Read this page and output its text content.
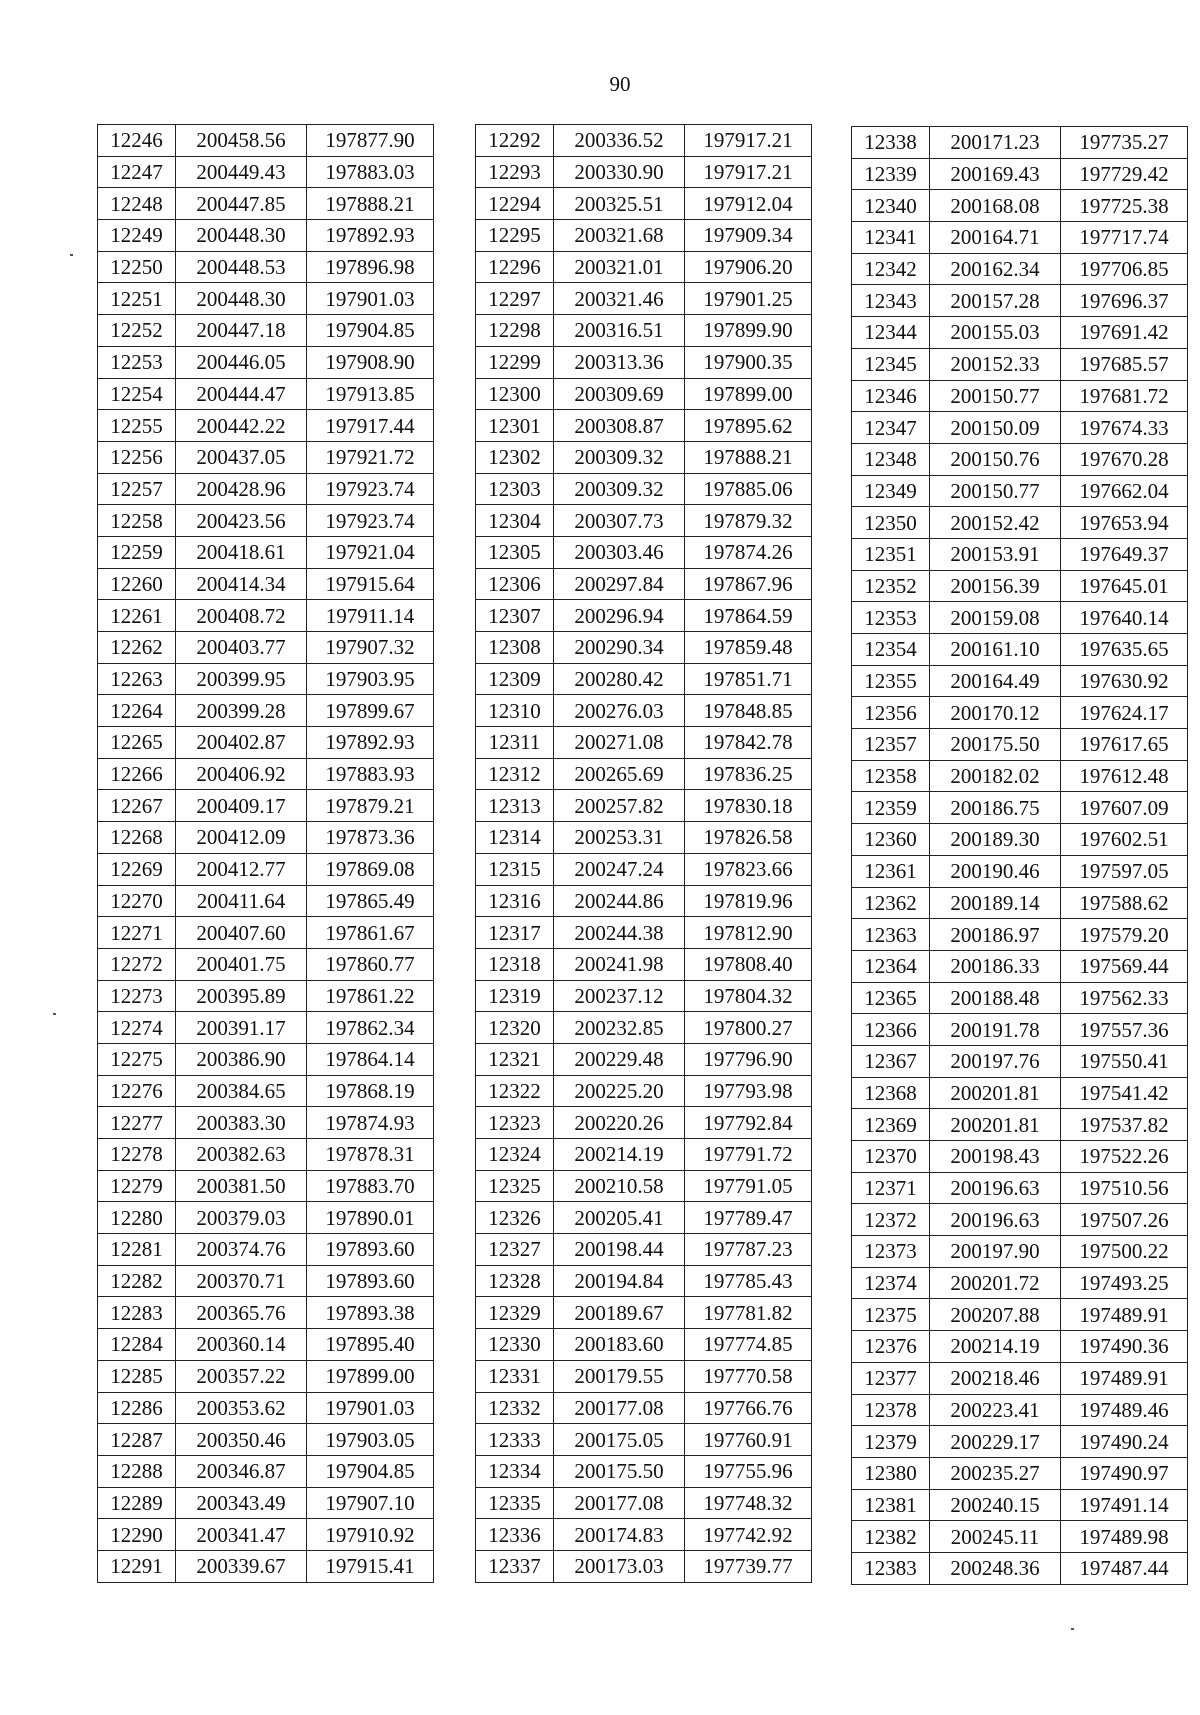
90
12246	200458.56	197877.90
12247	200449.43	197883.03
12248	200447.85	197888.21
12249	200448.30	197892.93
12250	200448.53	197896.98
12251	200448.30	197901.03
12252	200447.18	197904.85
12253	200446.05	197908.90
12254	200444.47	197913.85
12255	200442.22	197917.44
12256	200437.05	197921.72
12257	200428.96	197923.74
12258	200423.56	197923.74
12259	200418.61	197921.04
12260	200414.34	197915.64
12261	200408.72	197911.14
12262	200403.77	197907.32
12263	200399.95	197903.95
12264	200399.28	197899.67
12265	200402.87	197892.93
12266	200406.92	197883.93
12267	200409.17	197879.21
12268	200412.09	197873.36
12269	200412.77	197869.08
12270	200411.64	197865.49
12271	200407.60	197861.67
12272	200401.75	197860.77
12273	200395.89	197861.22
12274	200391.17	197862.34
12275	200386.90	197864.14
12276	200384.65	197868.19
12277	200383.30	197874.93
12278	200382.63	197878.31
12279	200381.50	197883.70
12280	200379.03	197890.01
12281	200374.76	197893.60
12282	200370.71	197893.60
12283	200365.76	197893.38
12284	200360.14	197895.40
12285	200357.22	197899.00
12286	200353.62	197901.03
12287	200350.46	197903.05
12288	200346.87	197904.85
12289	200343.49	197907.10
12290	200341.47	197910.92
12291	200339.67	197915.41
12292	200336.52	197917.21
12293	200330.90	197917.21
12294	200325.51	197912.04
12295	200321.68	197909.34
12296	200321.01	197906.20
12297	200321.46	197901.25
12298	200316.51	197899.90
12299	200313.36	197900.35
12300	200309.69	197899.00
12301	200308.87	197895.62
12302	200309.32	197888.21
12303	200309.32	197885.06
12304	200307.73	197879.32
12305	200303.46	197874.26
12306	200297.84	197867.96
12307	200296.94	197864.59
12308	200290.34	197859.48
12309	200280.42	197851.71
12310	200276.03	197848.85
12311	200271.08	197842.78
12312	200265.69	197836.25
12313	200257.82	197830.18
12314	200253.31	197826.58
12315	200247.24	197823.66
12316	200244.86	197819.96
12317	200244.38	197812.90
12318	200241.98	197808.40
12319	200237.12	197804.32
12320	200232.85	197800.27
12321	200229.48	197796.90
12322	200225.20	197793.98
12323	200220.26	197792.84
12324	200214.19	197791.72
12325	200210.58	197791.05
12326	200205.41	197789.47
12327	200198.44	197787.23
12328	200194.84	197785.43
12329	200189.67	197781.82
12330	200183.60	197774.85
12331	200179.55	197770.58
12332	200177.08	197766.76
12333	200175.05	197760.91
12334	200175.50	197755.96
12335	200177.08	197748.32
12336	200174.83	197742.92
12337	200173.03	197739.77
12338	200171.23	197735.27
12339	200169.43	197729.42
12340	200168.08	197725.38
12341	200164.71	197717.74
12342	200162.34	197706.85
12343	200157.28	197696.37
12344	200155.03	197691.42
12345	200152.33	197685.57
12346	200150.77	197681.72
12347	200150.09	197674.33
12348	200150.76	197670.28
12349	200150.77	197662.04
12350	200152.42	197653.94
12351	200153.91	197649.37
12352	200156.39	197645.01
12353	200159.08	197640.14
12354	200161.10	197635.65
12355	200164.49	197630.92
12356	200170.12	197624.17
12357	200175.50	197617.65
12358	200182.02	197612.48
12359	200186.75	197607.09
12360	200189.30	197602.51
12361	200190.46	197597.05
12362	200189.14	197588.62
12363	200186.97	197579.20
12364	200186.33	197569.44
12365	200188.48	197562.33
12366	200191.78	197557.36
12367	200197.76	197550.41
12368	200201.81	197541.42
12369	200201.81	197537.82
12370	200198.43	197522.26
12371	200196.63	197510.56
12372	200196.63	197507.26
12373	200197.90	197500.22
12374	200201.72	197493.25
12375	200207.88	197489.91
12376	200214.19	197490.36
12377	200218.46	197489.91
12378	200223.41	197489.46
12379	200229.17	197490.24
12380	200235.27	197490.97
12381	200240.15	197491.14
12382	200245.11	197489.98
12383	200248.36	197487.44
